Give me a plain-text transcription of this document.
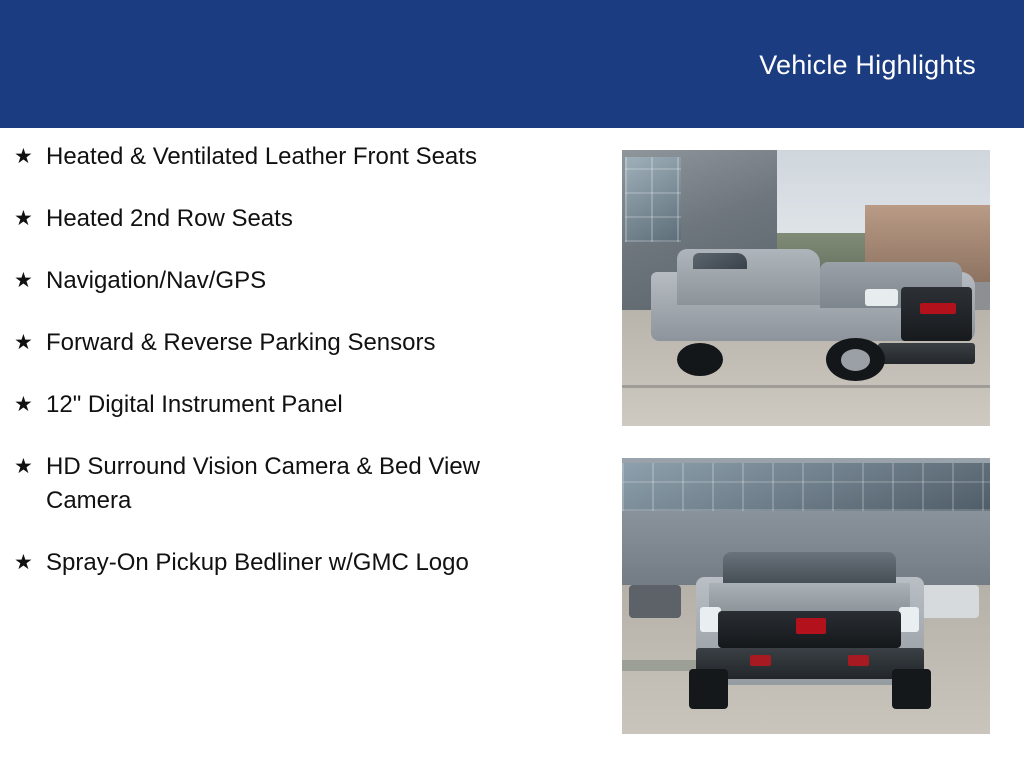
Vehicle Highlights
★ Heated & Ventilated Leather Front Seats
★ Heated 2nd Row Seats
★ Navigation/Nav/GPS
★ Forward & Reverse Parking Sensors
★ 12" Digital Instrument Panel
★ HD Surround Vision Camera & Bed View Camera
★ Spray-On Pickup Bedliner w/GMC Logo
